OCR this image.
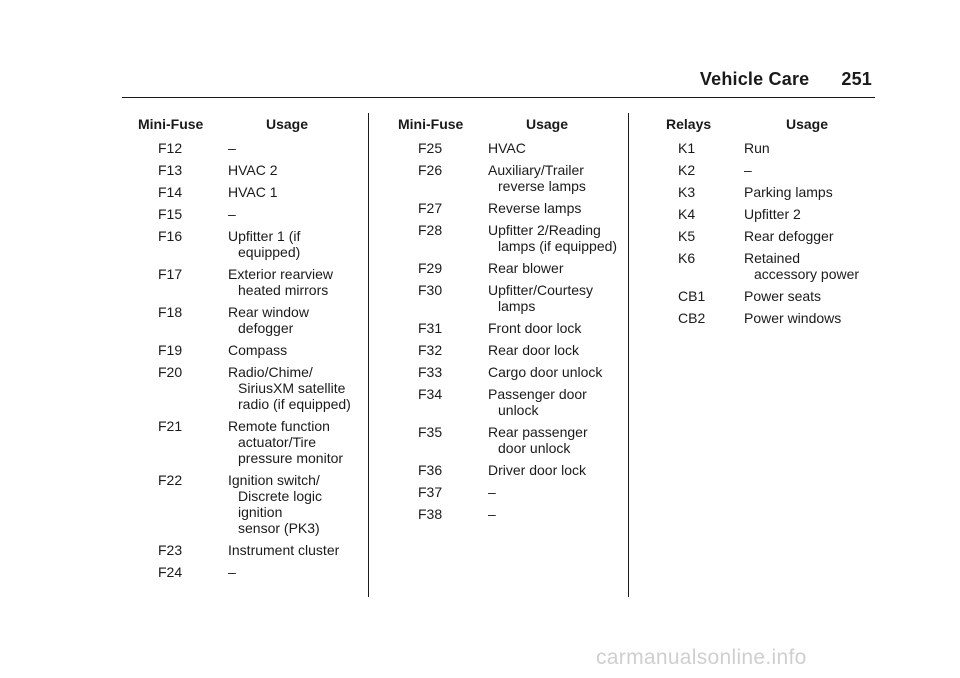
Vehicle Care 251
Mini-Fuse	Usage
F12	–
F13	HVAC 2
F14	HVAC 1
F15	–
F16	Upfitter 1 (if
equipped)
F17	Exterior rearview
heated mirrors
F18	Rear window
defogger
F19	Compass
F20	Radio/Chime/
SiriusXM satellite
radio (if equipped)
F21	Remote function
actuator/Tire
pressure monitor
F22	Ignition switch/
Discrete logic
ignition
sensor (PK3)
F23	Instrument cluster
F24	–
Mini-Fuse	Usage
F25	HVAC
F26	Auxiliary/Trailer
reverse lamps
F27	Reverse lamps
F28	Upfitter 2/Reading
lamps (if equipped)
F29	Rear blower
F30	Upfitter/Courtesy
lamps
F31	Front door lock
F32	Rear door lock
F33	Cargo door unlock
F34	Passenger door
unlock
F35	Rear passenger
door unlock
F36	Driver door lock
F37	–
F38	–
Relays	Usage
K1	Run
K2	–
K3	Parking lamps
K4	Upfitter 2
K5	Rear defogger
K6	Retained
accessory power
CB1	Power seats
CB2	Power windows
carmanualsonline.info
